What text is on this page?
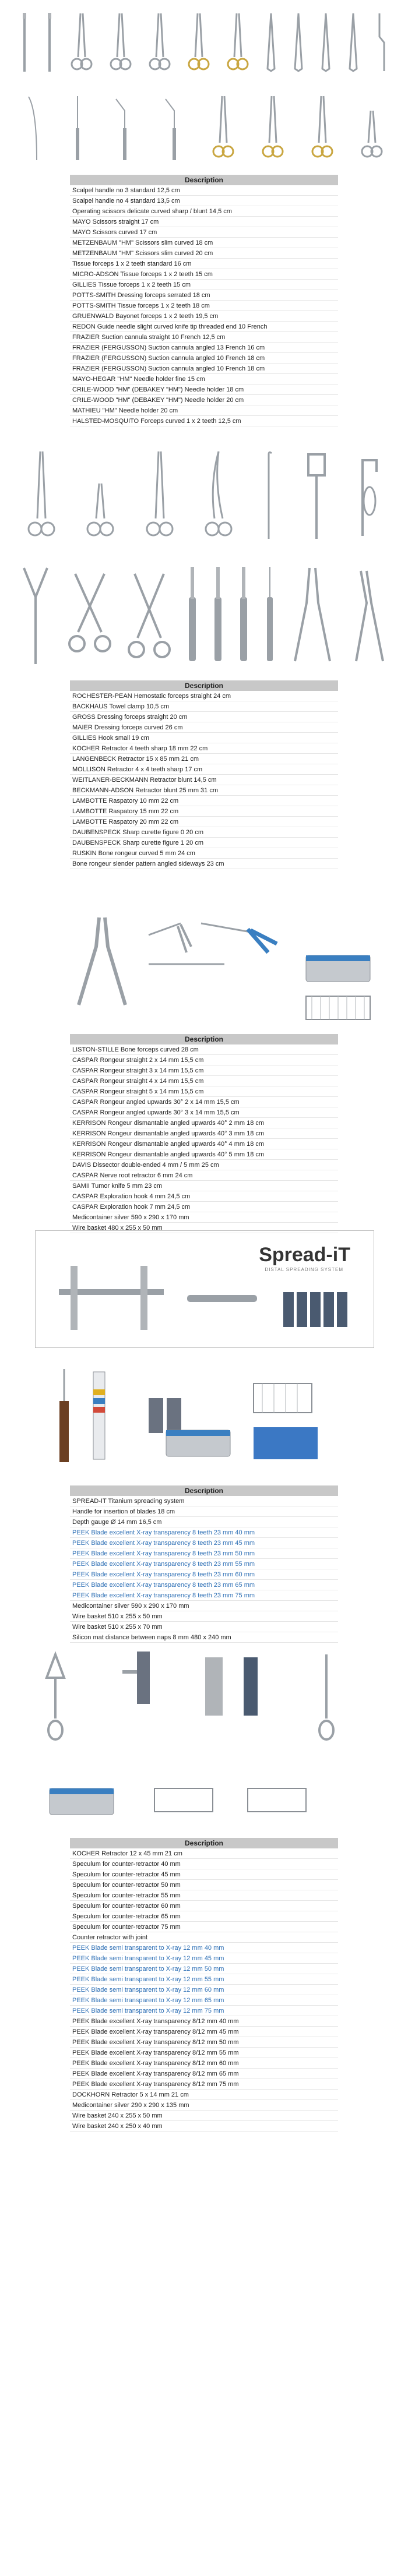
Description
Scalpel handle no 3 standard 12,5 cm
Scalpel handle no 4 standard 13,5 cm
Operating scissors delicate curved sharp / blunt 14,5 cm
MAYO Scissors straight 17 cm
MAYO Scissors curved 17 cm
METZENBAUM "HM" Scissors slim curved 18 cm
METZENBAUM "HM" Scissors slim curved 20 cm
Tissue forceps 1 x 2 teeth standard 16 cm
MICRO-ADSON Tissue forceps 1 x 2 teeth 15 cm
GILLIES Tissue forceps 1 x 2 teeth 15 cm
POTTS-SMITH Dressing forceps serrated 18 cm
POTTS-SMITH Tissue forceps 1 x 2 teeth 18 cm
GRUENWALD Bayonet forceps 1 x 2 teeth 19,5 cm
REDON Guide needle slight curved knife tip threaded end 10 French
FRAZIER Suction cannula straight 10 French 12,5 cm
FRAZIER (FERGUSSON) Suction cannula angled 13 French 16 cm
FRAZIER (FERGUSSON) Suction cannula angled 10 French 18 cm
FRAZIER (FERGUSSON) Suction cannula angled 10 French 18 cm
MAYO-HEGAR "HM" Needle holder fine 15 cm
CRILE-WOOD "HM" (DEBAKEY "HM") Needle holder 18 cm
CRILE-WOOD "HM" (DEBAKEY "HM") Needle holder 20 cm
MATHIEU "HM" Needle holder 20 cm
HALSTED-MOSQUITO Forceps curved 1 x 2 teeth 12,5 cm
Description
ROCHESTER-PEAN Hemostatic forceps straight 24 cm
BACKHAUS Towel clamp 10,5 cm
GROSS Dressing forceps straight 20 cm
MAIER Dressing forceps curved 26 cm
GILLIES Hook small 19 cm
KOCHER Retractor 4 teeth sharp 18 mm 22 cm
LANGENBECK Retractor 15 x 85 mm 21 cm
MOLLISON Retractor 4 x 4 teeth sharp 17 cm
WEITLANER-BECKMANN Retractor blunt 14,5 cm
BECKMANN-ADSON Retractor blunt 25 mm 31 cm
LAMBOTTE Raspatory 10 mm 22 cm
LAMBOTTE Raspatory 15 mm 22 cm
LAMBOTTE Raspatory 20 mm 22 cm
DAUBENSPECK Sharp curette figure 0 20 cm
DAUBENSPECK Sharp curette figure 1 20 cm
RUSKIN Bone rongeur curved 5 mm 24 cm
Bone rongeur slender pattern angled sideways 23 cm
Description
LISTON-STILLE Bone forceps curved 28 cm
CASPAR Rongeur straight 2 x 14 mm 15,5 cm
CASPAR Rongeur straight 3 x 14 mm 15,5 cm
CASPAR Rongeur straight 4 x 14 mm 15,5 cm
CASPAR Rongeur straight 5 x 14 mm 15,5 cm
CASPAR Rongeur angled upwards 30° 2 x 14 mm 15,5 cm
CASPAR Rongeur angled upwards 30° 3 x 14 mm 15,5 cm
KERRISON Rongeur dismantable angled upwards 40° 2 mm 18 cm
KERRISON Rongeur dismantable angled upwards 40° 3 mm 18 cm
KERRISON Rongeur dismantable angled upwards 40° 4 mm 18 cm
KERRISON Rongeur dismantable angled upwards 40° 5 mm 18 cm
DAVIS Dissector double-ended 4 mm / 5 mm 25 cm
CASPAR Nerve root retractor 6 mm 24 cm
SAMII Tumor knife 5 mm 23 cm
CASPAR Exploration hook 4 mm 24,5 cm
CASPAR Exploration hook 7 mm 24,5 cm
Medicontainer silver 590 x 290 x 170 mm
Wire basket 480 x 255 x 50 mm
Spread-iT
DISTAL SPREADING SYSTEM
Description
SPREAD-IT Titanium spreading system
Handle for insertion of blades 18 cm
Depth gauge Ø 14 mm 16,5 cm
PEEK Blade excellent X-ray transparency 8 teeth 23 mm 40 mm
PEEK Blade excellent X-ray transparency 8 teeth 23 mm 45 mm
PEEK Blade excellent X-ray transparency 8 teeth 23 mm 50 mm
PEEK Blade excellent X-ray transparency 8 teeth 23 mm 55 mm
PEEK Blade excellent X-ray transparency 8 teeth 23 mm 60 mm
PEEK Blade excellent X-ray transparency 8 teeth 23 mm 65 mm
PEEK Blade excellent X-ray transparency 8 teeth 23 mm 75 mm
Medicontainer silver 590 x 290 x 170 mm
Wire basket 510 x 255 x 50 mm
Wire basket 510 x 255 x 70 mm
Silicon mat distance between naps 8 mm 480 x 240 mm
Description
KOCHER Retractor 12 x 45 mm 21 cm
Speculum for counter-retractor 40 mm
Speculum for counter-retractor 45 mm
Speculum for counter-retractor 50 mm
Speculum for counter-retractor 55 mm
Speculum for counter-retractor 60 mm
Speculum for counter-retractor 65 mm
Speculum for counter-retractor 75 mm
Counter retractor with joint
PEEK Blade semi transparent to X-ray 12 mm 40 mm
PEEK Blade semi transparent to X-ray 12 mm 45 mm
PEEK Blade semi transparent to X-ray 12 mm 50 mm
PEEK Blade semi transparent to X-ray 12 mm 55 mm
PEEK Blade semi transparent to X-ray 12 mm 60 mm
PEEK Blade semi transparent to X-ray 12 mm 65 mm
PEEK Blade semi transparent to X-ray 12 mm 75 mm
PEEK Blade excellent X-ray transparency 8/12 mm 40 mm
PEEK Blade excellent X-ray transparency 8/12 mm 45 mm
PEEK Blade excellent X-ray transparency 8/12 mm 50 mm
PEEK Blade excellent X-ray transparency 8/12 mm 55 mm
PEEK Blade excellent X-ray transparency 8/12 mm 60 mm
PEEK Blade excellent X-ray transparency 8/12 mm 65 mm
PEEK Blade excellent X-ray transparency 8/12 mm 75 mm
DOCKHORN Retractor 5 x 14 mm 21 cm
Medicontainer silver 290 x 290 x 135 mm
Wire basket 240 x 255 x 50 mm
Wire basket 240 x 250 x 40 mm
